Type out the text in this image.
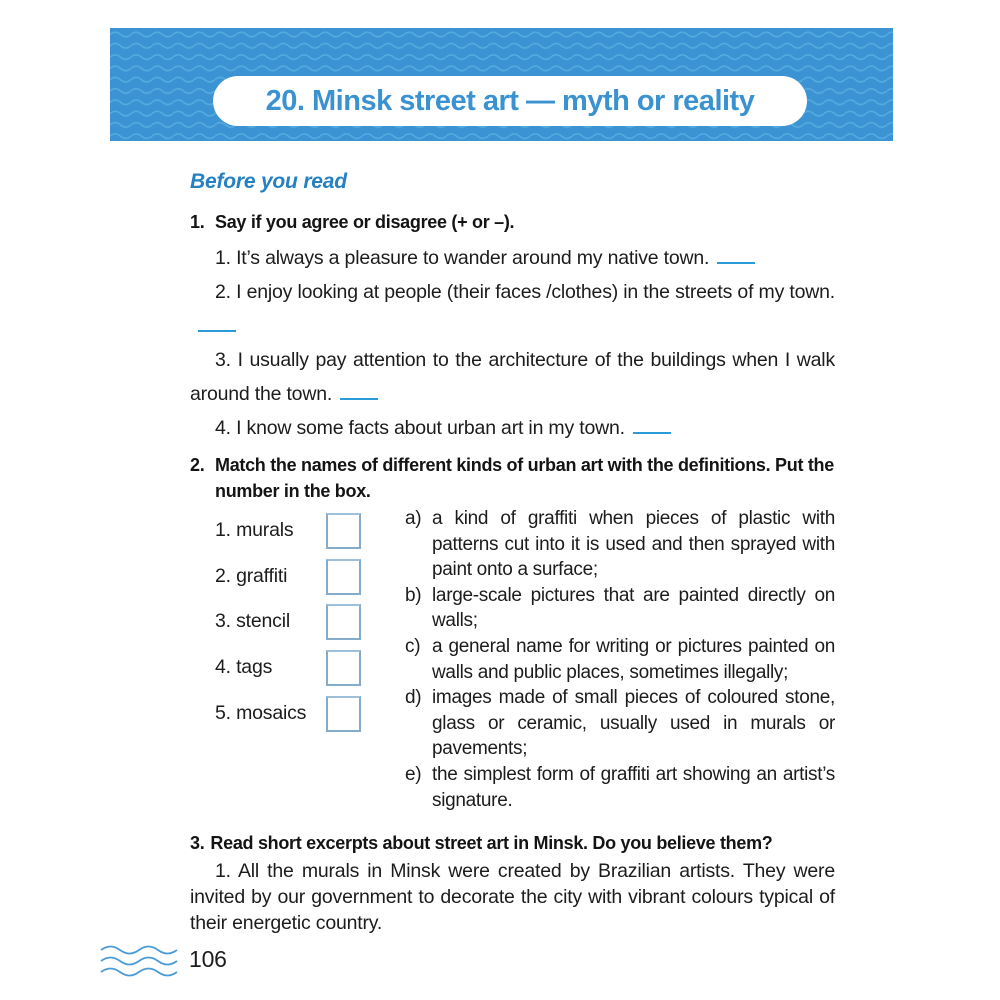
20. Minsk street art — myth or reality
Before you read
1. Say if you agree or disagree (+ or –).

1. It’s always a pleasure to wander around my native town.

2. I enjoy looking at people (their faces /clothes) in the streets of my town.

3. I usually pay attention to the architecture of the buildings when I walk around the town.

4. I know some facts about urban art in my town.

2. Match the names of different kinds of urban art with the definitions. Put the number in the box.
1. murals
2. graffiti
3. stencil
4. tags
5. mosaics

a) a kind of graffiti when pieces of plastic with patterns cut into it is used and then sprayed with paint onto a surface;

b) large-scale pictures that are painted directly on walls;

c) a general name for writing or pictures painted on walls and public places, sometimes illegally;

d) images made of small pieces of coloured stone, glass or ceramic, usually used in murals or pavements;

e) the simplest form of graffiti art showing an artist’s signature.

3. Read short excerpts about street art in Minsk. Do you believe them?

1. All the murals in Minsk were created by Brazilian artists. They were invited by our government to decorate the city with vibrant colours typical of their energetic country.

106
